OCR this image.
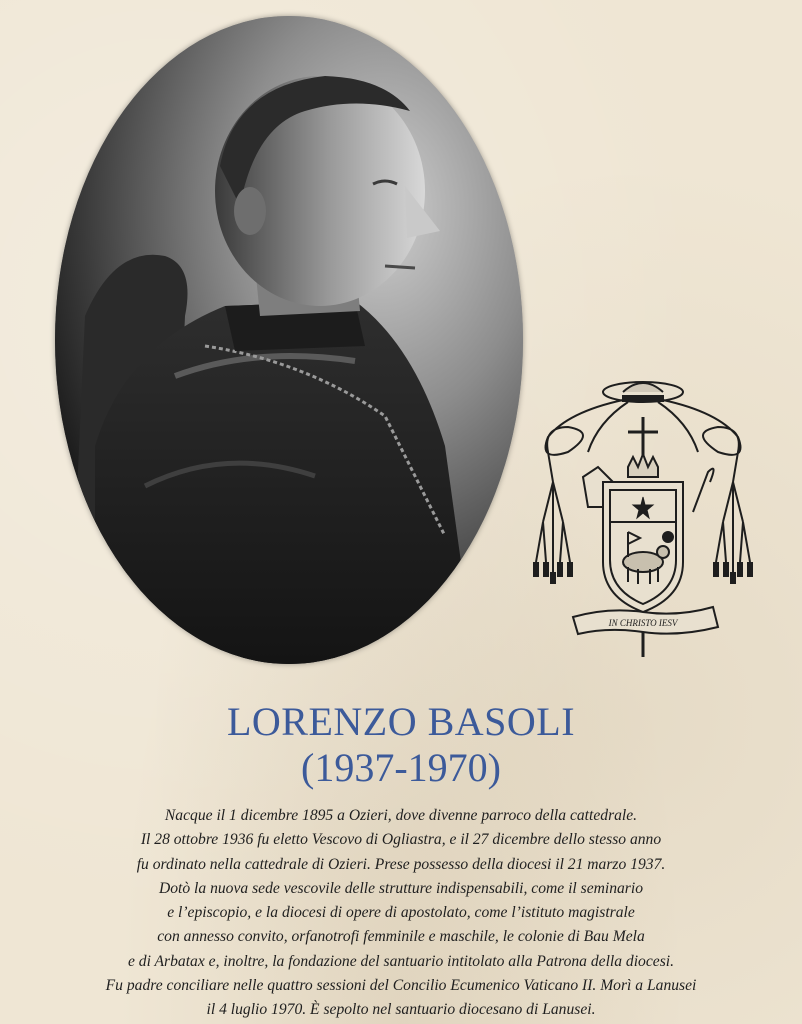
IN CHRISTO IESV
LORENZO BASOLI
(1937-1970)
Nacque il 1 dicembre 1895 a Ozieri, dove divenne parroco della cattedrale.
Il 28 ottobre 1936 fu eletto Vescovo di Ogliastra, e il 27 dicembre dello stesso anno
fu ordinato nella cattedrale di Ozieri. Prese possesso della diocesi il 21 marzo 1937.
Dotò la nuova sede vescovile delle strutture indispensabili, come il seminario
e l’episcopio, e la diocesi di opere di apostolato, come l’istituto magistrale
con annesso convito, orfanotrofi femminile e maschile, le colonie di Bau Mela
e di Arbatax e, inoltre, la fondazione del santuario intitolato alla Patrona della diocesi.
Fu padre conciliare nelle quattro sessioni del Concilio Ecumenico Vaticano II. Morì a Lanusei
il 4 luglio 1970. È sepolto nel santuario diocesano di Lanusei.
